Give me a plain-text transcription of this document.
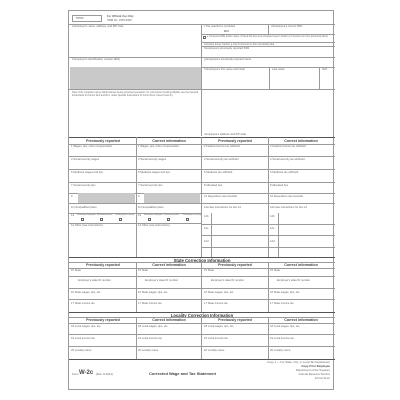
55555
For Official Use Only
OMB No. 1545-0008
a Employer's name, address, and ZIP code	c Tax year/Form corrected	d Employee's correct SSN
W-2
e Corrected SSN and/or name. (Check this box and complete boxes f and/or g if incorrect on form previously filed.)
Complete boxes f and/or g only if incorrect on form previously filed
f Employee's previously reported SSN
b Employer's identification number (EIN)	g Employee's previously reported name
h Employee's first name and initial	Last name	Suff.
Note: Only complete money fields that are being corrected (exception: for corrections involving MQGE, see the General Instructions for Forms W-2 and W-3, under Specific Instructions for Form W-2c, boxes 5 and 6.)
i Employee's address and ZIP code
Previously reported	Correct information	Previously reported	Correct information
1 Wages, tips, other compensation	1 Wages, tips, other compensation	2 Federal income tax withheld	2 Federal income tax withheld
3 Social security wages	3 Social security wages	4 Social security tax withheld	4 Social security tax withheld
5 Medicare wages and tips	5 Medicare wages and tips	6 Medicare tax withheld	6 Medicare tax withheld
7 Social security tips	7 Social security tips	8 Allocated tips	8 Allocated tips
9	9	10 Dependent care benefits	10 Dependent care benefits
11 Nonqualified plans	11 Nonqualified plans	12a See instructions for box 12	12a See instructions for box 12
13 Statutory employee Retirement plan Third-party sick pay 13 Statutory employee Retirement plan Third-party sick pay
14 Other (see instructions)	14 Other (see instructions)
12b	12b
12c	12c
12d	12d
State Correction Information
Previously reported	Correct information	Previously reported	Correct information
15 State	15 State	15 State	15 State
Employer's state ID number	Employer's state ID number	Employer's state ID number	Employer's state ID number
16 State wages, tips, etc.	16 State wages, tips, etc.	16 State wages, tips, etc.	16 State wages, tips, etc.
17 State income tax	17 State income tax	17 State income tax	17 State income tax
Locality Correction Information
Previously reported	Correct information	Previously reported	Correct information
18 Local wages, tips, etc.	18 Local wages, tips, etc.	18 Local wages, tips, etc.	18 Local wages, tips, etc.
19 Local income tax	19 Local income tax	19 Local income tax	19 Local income tax
20 Locality name	20 Locality name	20 Locality name	20 Locality name
Copy 1 — For State, City, or Local Tax Department
Copy 2 For Employee
Department of the Treasury
Internal Revenue Service
Forms W-2c
Form W-2c (Rev. 8-2014)	Corrected Wage and Tax Statement
